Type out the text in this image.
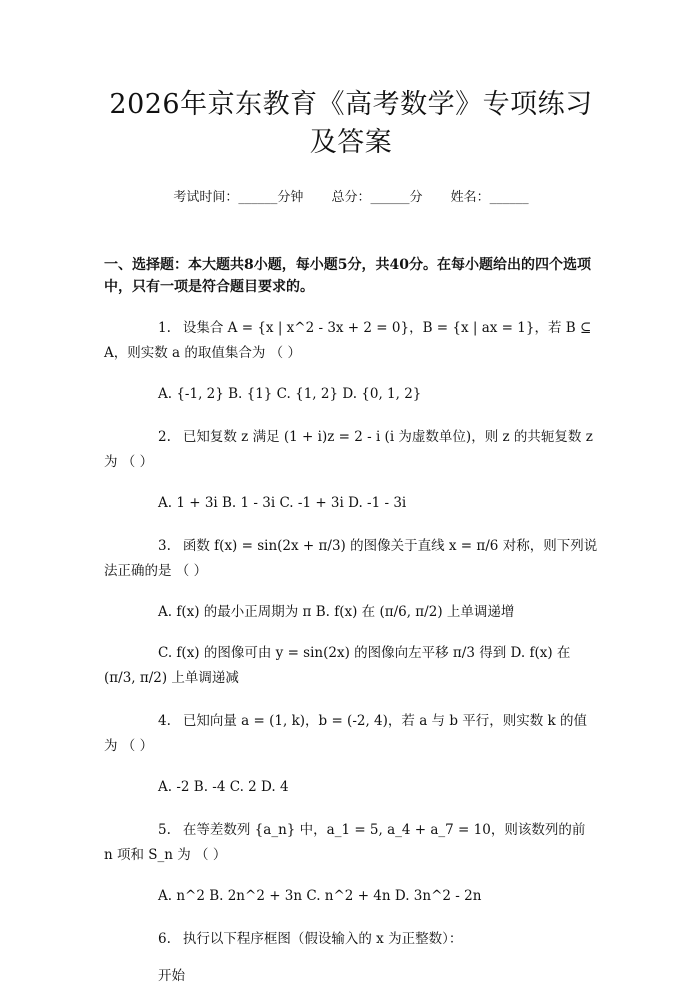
2026年京东教育《高考数学》专项练习及答案
考试时间：______分钟 总分：______分 姓名：______
一、选择题：本大题共8小题，每小题5分，共40分。在每小题给出的四个选项中，只有一项是符合题目要求的。
1. 设集合 A = {x | x^2 - 3x + 2 = 0}，B = {x | ax = 1}，若 B ⊆ A，则实数 a 的取值集合为 （ ）
A. {-1, 2} B. {1} C. {1, 2} D. {0, 1, 2}
2. 已知复数 z 满足 (1 + i)z = 2 - i (i 为虚数单位)，则 z 的共轭复数 z　为 （ ）
A. 1 + 3i B. 1 - 3i C. -1 + 3i D. -1 - 3i
3. 函数 f(x) = sin(2x + π/3) 的图像关于直线 x = π/6 对称，则下列说法正确的是 （ ）
A. f(x) 的最小正周期为 π B. f(x) 在 (π/6, π/2) 上单调递增
C. f(x) 的图像可由 y = sin(2x) 的图像向左平移 π/3 得到 D. f(x) 在 (π/3, π/2) 上单调递减
4. 已知向量 a = (1, k)，b = (-2, 4)，若 a 与 b 平行，则实数 k 的值为 （ ）
A. -2 B. -4 C. 2 D. 4
5. 在等差数列 {a_n} 中，a_1 = 5, a_4 + a_7 = 10，则该数列的前 n 项和 S_n 为 （ ）
A. n^2 B. 2n^2 + 3n C. n^2 + 4n D. 3n^2 - 2n
6. 执行以下程序框图（假设输入的 x 为正整数）：
开始
